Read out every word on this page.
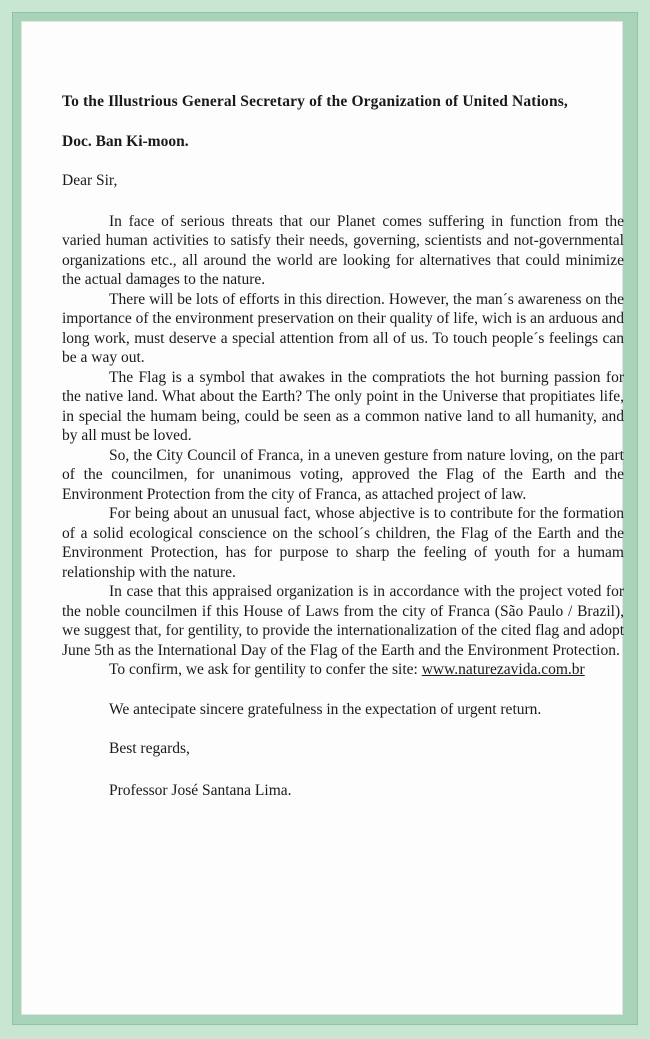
To the Illustrious General Secretary of the Organization of United Nations,

Doc. Ban Ki-moon.

Dear Sir,

In face of serious threats that our Planet comes suffering in function from the varied human activities to satisfy their needs, governing, scientists and not-governmental organizations etc., all around the world are looking for alternatives that could minimize the actual damages to the nature.

There will be lots of efforts in this direction. However, the man´s awareness on the importance of the environment preservation on their quality of life, wich is an arduous and long work, must deserve a special attention from all of us. To touch people´s feelings can be a way out.

The Flag is a symbol that awakes in the compratiots the hot burning passion for the native land. What about the Earth? The only point in the Universe that propitiates life, in special the humam being, could be seen as a common native land to all humanity, and by all must be loved.

So, the City Council of Franca, in a uneven gesture from nature loving, on the part of the councilmen, for unanimous voting, approved the Flag of the Earth and the Environment Protection from the city of Franca, as attached project of law.

For being about an unusual fact, whose abjective is to contribute for the formation of a solid ecological conscience on the school´s children, the Flag of the Earth and the Environment Protection, has for purpose to sharp the feeling of youth for a humam relationship with the nature.

In case that this appraised organization is in accordance with the project voted for the noble councilmen if this House of Laws from the city of Franca (São Paulo / Brazil), we suggest that, for gentility, to provide the internationalization of the cited flag and adopt June 5th as the International Day of the Flag of the Earth and the Environment Protection.

To confirm, we ask for gentility to confer the site: www.naturezavida.com.br

We antecipate sincere gratefulness in the expectation of urgent return.

Best regards,

Professor José Santana Lima.
